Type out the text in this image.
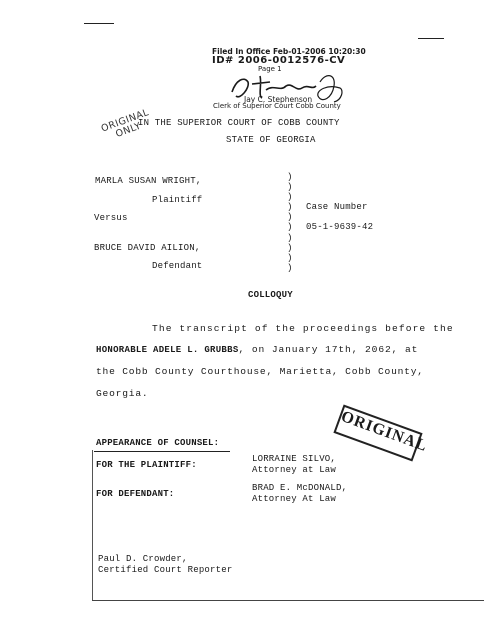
Filed In Office Feb-01-2006 10:20:30
ID# 2006-0012576-CV
Page 1
Jay C. Stephenson
Clerk of Superior Court Cobb County
ORIGINAL ONLY
IN THE SUPERIOR COURT OF COBB COUNTY
STATE OF GEORGIA
MARLA SUSAN WRIGHT,
Plaintiff
Versus
BRUCE DAVID AILION,
Defendant
)
)
)
)
)
)
)
)
)
)
Case Number
05-1-9639-42
COLLOQUY
The transcript of the proceedings before the
HONORABLE ADELE L. GRUBBS, on January 17th, 2062, at
the Cobb County Courthouse, Marietta, Cobb County,
Georgia.
ORIGINAL
APPEARANCE OF COUNSEL:
FOR THE PLAINTIFF:
LORRAINE SILVO,
Attorney at Law
FOR DEFENDANT:
BRAD E. McDONALD,
Attorney At Law
Paul D. Crowder,
Certified Court Reporter
